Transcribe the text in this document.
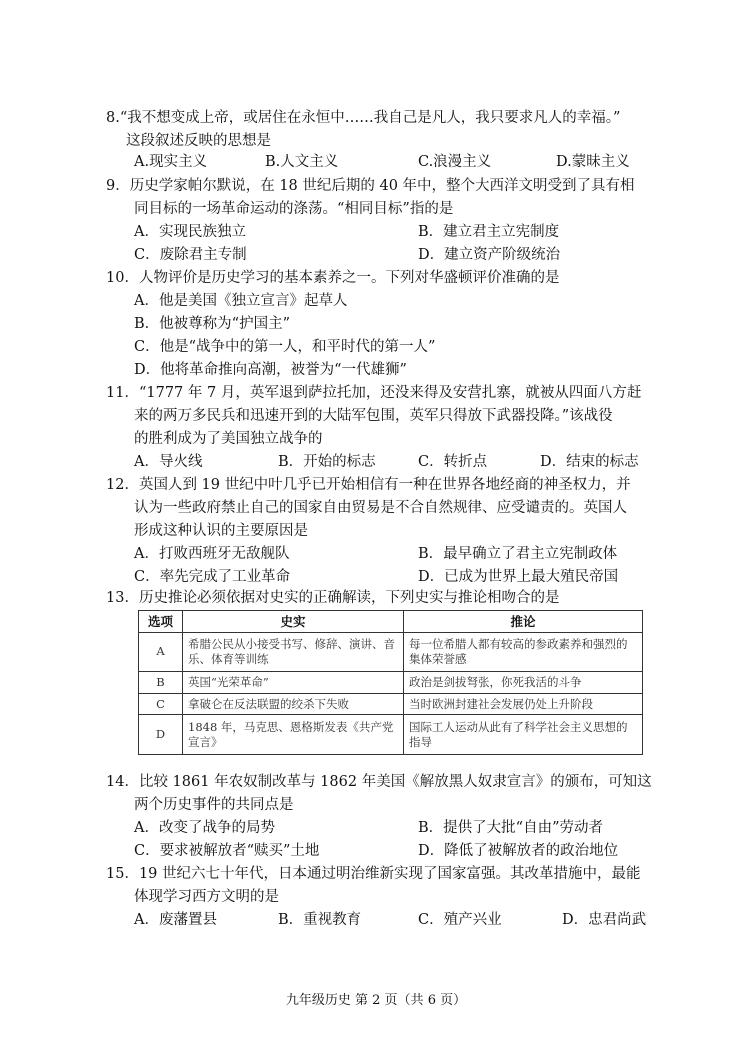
8.“我不想变成上帝，或居住在永恒中……我自己是凡人，我只要求凡人的幸福。”
这段叙述反映的思想是
A.现实主义	B.人文主义	C.浪漫主义	D.蒙昧主义
9．历史学家帕尔默说，在 18 世纪后期的 40 年中，整个大西洋文明受到了具有相
同目标的一场革命运动的涤荡。“相同目标”指的是
A．实现民族独立	B．建立君主立宪制度
C．废除君主专制	D．建立资产阶级统治
10．人物评价是历史学习的基本素养之一。下列对华盛顿评价准确的是
A．他是美国《独立宣言》起草人
B．他被尊称为“护国主”
C．他是“战争中的第一人，和平时代的第一人”
D．他将革命推向高潮，被誉为“一代雄狮”
11．“1777 年 7 月，英军退到萨拉托加，还没来得及安营扎寨，就被从四面八方赶
来的两万多民兵和迅速开到的大陆军包围，英军只得放下武器投降。”该战役
的胜利成为了美国独立战争的
A．导火线	B．开始的标志	C．转折点	D．结束的标志
12．英国人到 19 世纪中叶几乎已开始相信有一种在世界各地经商的神圣权力，并
认为一些政府禁止自己的国家自由贸易是不合自然规律、应受谴责的。英国人
形成这种认识的主要原因是
A．打败西班牙无敌舰队	B．最早确立了君主立宪制政体
C．率先完成了工业革命	D．已成为世界上最大殖民帝国
13．历史推论必须依据对史实的正确解读，下列史实与推论相吻合的是
选项	史实	推论
A	希腊公民从小接受书写、修辞、演讲、音乐、体育等训练	每一位希腊人都有较高的参政素养和强烈的集体荣誉感
B	英国“光荣革命”	政治是剑拔弩张，你死我活的斗争
C	拿破仑在反法联盟的绞杀下失败	当时欧洲封建社会发展仍处上升阶段
D	1848 年，马克思、恩格斯发表《共产党宣言》	国际工人运动从此有了科学社会主义思想的指导
14．比较 1861 年农奴制改革与 1862 年美国《解放黑人奴隶宣言》的颁布，可知这
两个历史事件的共同点是
A．改变了战争的局势	B．提供了大批“自由”劳动者
C．要求被解放者“赎买”土地	D．降低了被解放者的政治地位
15．19 世纪六七十年代，日本通过明治维新实现了国家富强。其改革措施中，最能
体现学习西方文明的是
A．废藩置县	B．重视教育	C．殖产兴业	D．忠君尚武
九年级历史 第 2 页（共 6 页）
